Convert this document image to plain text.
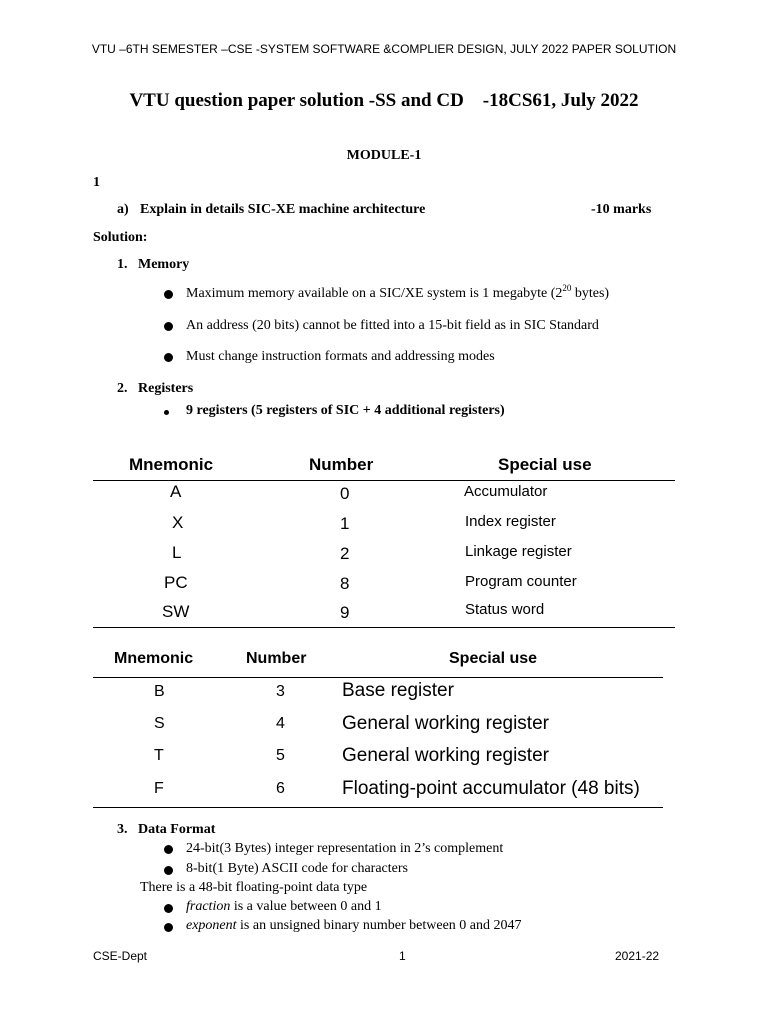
VTU –6TH SEMESTER –CSE -SYSTEM SOFTWARE &COMPLIER DESIGN, JULY 2022 PAPER SOLUTION
VTU question paper solution -SS and CD    -18CS61, July 2022
MODULE-1
1
a) Explain in details SIC-XE machine architecture	-10 marks
Solution:
1.   Memory
Maximum memory available on a SIC/XE system is 1 megabyte ($2^{20}$ bytes)
An address (20 bits) cannot be fitted into a 15-bit field as in SIC Standard
Must change instruction formats and addressing modes
2.   Registers
9 registers (5 registers of SIC + 4 additional registers)
Mnemonic	Number	Special use
A	0	Accumulator
X	1	Index register
L	2	Linkage register
PC	8	Program counter
SW	9	Status word
Mnemonic	Number	Special use
B	3	Base register
S	4	General working register
T	5	General working register
F	6	Floating-point accumulator (48 bits)
3.   Data Format
24-bit(3 Bytes) integer representation in 2’s complement
8-bit(1 Byte) ASCII code for characters
There is a 48-bit floating-point data type
fraction is a value between 0 and 1
exponent is an unsigned binary number between 0 and 2047
CSE-Dept	1	2021-22
